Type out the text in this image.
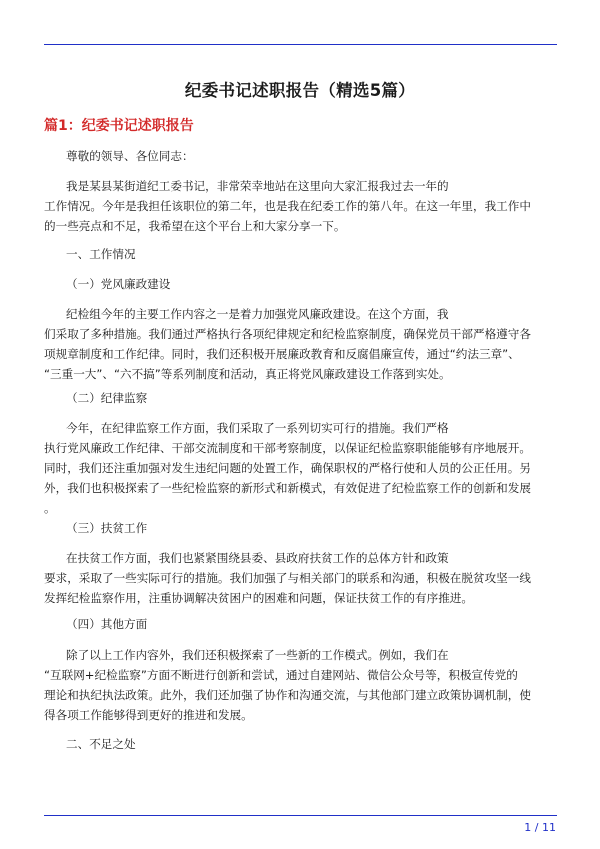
纪委书记述职报告（精选5篇）
篇1：纪委书记述职报告
尊敬的领导、各位同志：
我是某县某街道纪工委书记，非常荣幸地站在这里向大家汇报我过去一年的
工作情况。今年是我担任该职位的第二年，也是我在纪委工作的第八年。在这一年里，我工作中
的一些亮点和不足，我希望在这个平台上和大家分享一下。
一、工作情况
（一）党风廉政建设
纪检组今年的主要工作内容之一是着力加强党风廉政建设。在这个方面，我
们采取了多种措施。我们通过严格执行各项纪律规定和纪检监察制度，确保党员干部严格遵守各
项规章制度和工作纪律。同时，我们还积极开展廉政教育和反腐倡廉宣传，通过“约法三章”、
“三重一大”、“六不搞”等系列制度和活动，真正将党风廉政建设工作落到实处。
（二）纪律监察
今年，在纪律监察工作方面，我们采取了一系列切实可行的措施。我们严格
执行党风廉政工作纪律、干部交流制度和干部考察制度，以保证纪检监察职能能够有序地展开。
同时，我们还注重加强对发生违纪问题的处置工作，确保职权的严格行使和人员的公正任用。另
外，我们也积极探索了一些纪检监察的新形式和新模式，有效促进了纪检监察工作的创新和发展
。
（三）扶贫工作
在扶贫工作方面，我们也紧紧围绕县委、县政府扶贫工作的总体方针和政策
要求，采取了一些实际可行的措施。我们加强了与相关部门的联系和沟通，积极在脱贫攻坚一线
发挥纪检监察作用，注重协调解决贫困户的困难和问题，保证扶贫工作的有序推进。
（四）其他方面
除了以上工作内容外，我们还积极探索了一些新的工作模式。例如，我们在
“互联网+纪检监察”方面不断进行创新和尝试，通过自建网站、微信公众号等，积极宣传党的
理论和执纪执法政策。此外，我们还加强了协作和沟通交流，与其他部门建立政策协调机制，使
得各项工作能够得到更好的推进和发展。
二、不足之处
1 / 11
